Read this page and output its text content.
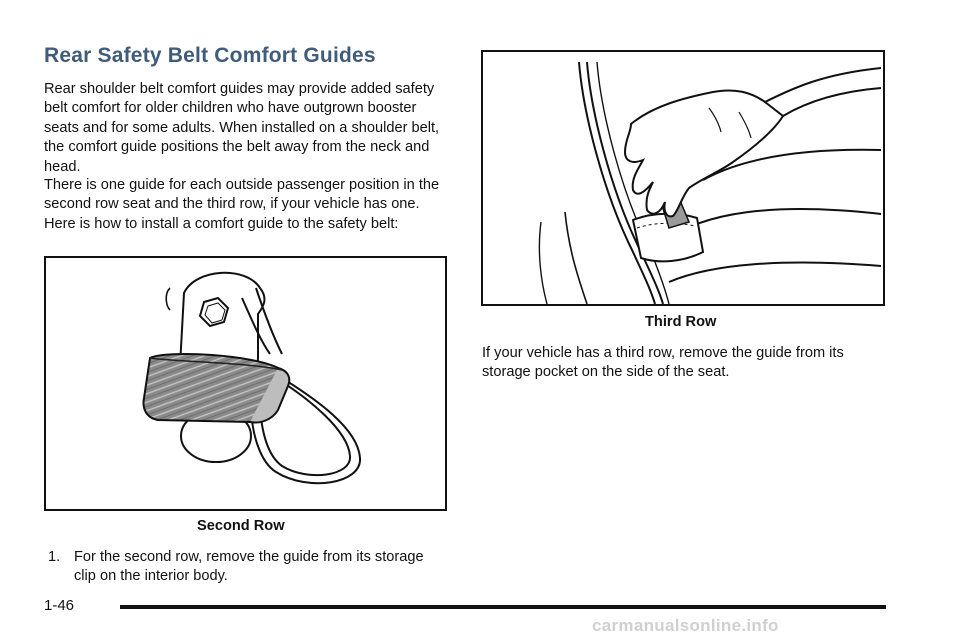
Rear Safety Belt Comfort Guides

Rear shoulder belt comfort guides may provide added safety belt comfort for older children who have outgrown booster seats and for some adults. When installed on a shoulder belt, the comfort guide positions the belt away from the neck and head.

There is one guide for each outside passenger position in the second row seat and the third row, if your vehicle has one. Here is how to install a comfort guide to the safety belt:

Second Row
1. For the second row, remove the guide from its storage clip on the interior body.
Third Row

If your vehicle has a third row, remove the guide from its storage pocket on the side of the seat.

1-46
carmanualsonline.info
